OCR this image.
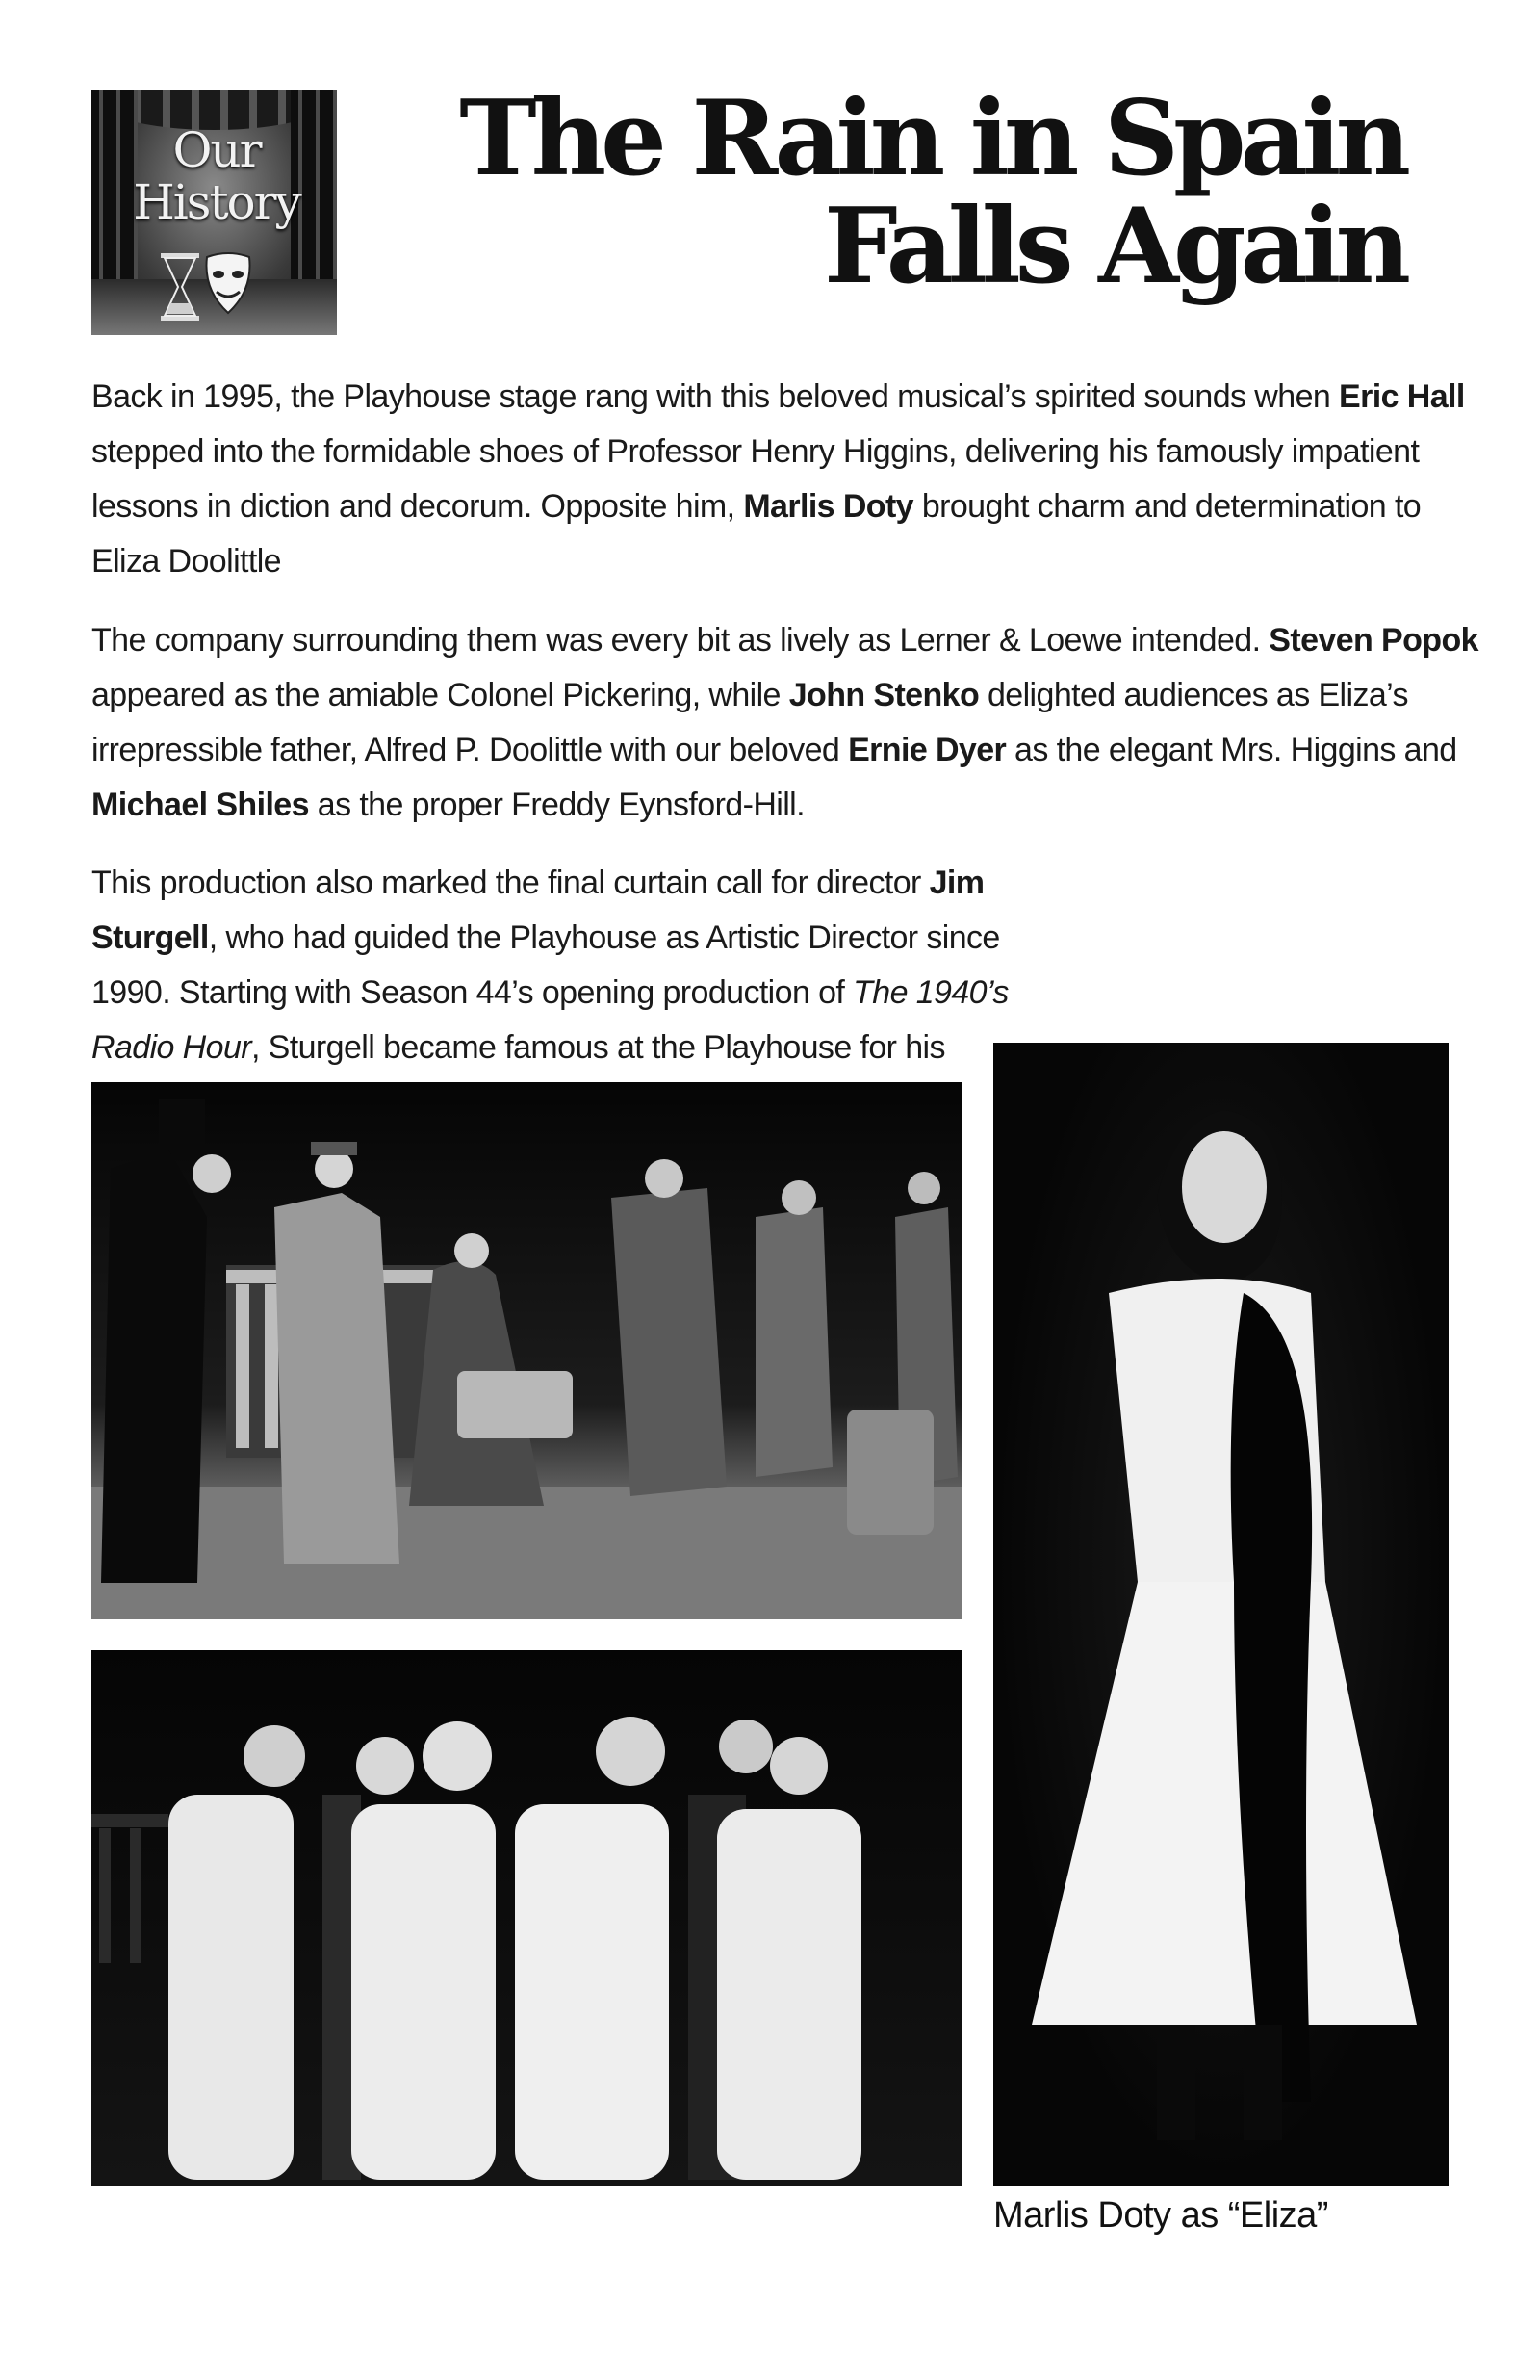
Our
History
The Rain in Spain
Falls Again
Back in 1995, the Playhouse stage rang with this beloved musical’s spirited sounds when Eric Hall stepped into the formidable shoes of Professor Henry Higgins, delivering his famously impatient lessons in diction and decorum. Opposite him, Marlis Doty brought charm and determination to Eliza Doolittle
The company surrounding them was every bit as lively as Lerner & Loewe intended. Steven Popok appeared as the amiable Colonel Pickering, while John Stenko delighted audiences as Eliza’s irrepressible father, Alfred P. Doolittle with our beloved Ernie Dyer as the elegant Mrs. Higgins and Michael Shiles as the proper Freddy Eynsford-Hill.
This production also marked the final curtain call for director Jim Sturgell, who had guided the Playhouse as Artistic Director since 1990. Starting with Season 44’s opening production of The 1940’s Radio Hour, Sturgell became famous at the Playhouse for his
Marlis Doty as “Eliza”
